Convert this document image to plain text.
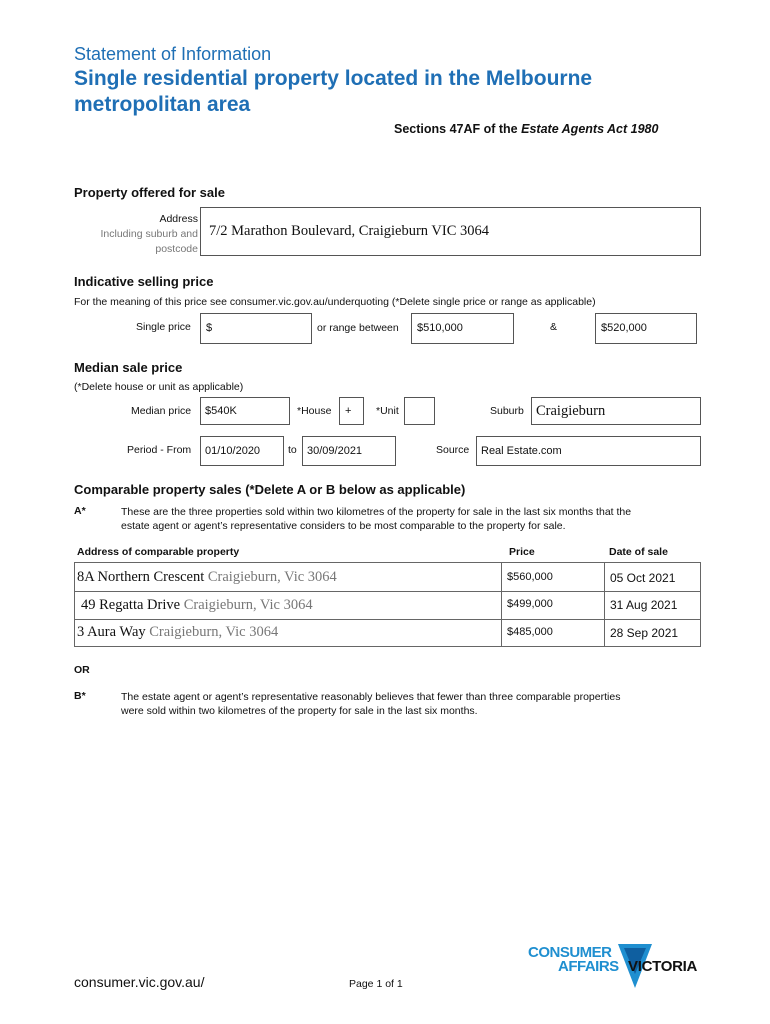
Statement of Information
Single residential property located in the Melbourne metropolitan area
Sections 47AF of the Estate Agents Act 1980
Property offered for sale
Address
Including suburb and
postcode
7/2 Marathon Boulevard, Craigieburn VIC 3064
Indicative selling price
For the meaning of this price see consumer.vic.gov.au/underquoting (*Delete single price or range as applicable)
Single price $	or range between $510,000	&	$520,000
Median sale price
(*Delete house or unit as applicable)
Median price $540K	*House + *Unit	Suburb Craigieburn
Period - From 01/10/2020	to 30/09/2021	Source Real Estate.com
Comparable property sales (*Delete A or B below as applicable)
A*	These are the three properties sold within two kilometres of the property for sale in the last six months that the
estate agent or agent’s representative considers to be most comparable to the property for sale.
Address of comparable property	Price	Date of sale
8A Northern Crescent Craigieburn, Vic 3064	$560,000	05 Oct 2021
49 Regatta Drive Craigieburn, Vic 3064	$499,000	31 Aug 2021
3 Aura Way Craigieburn, Vic 3064	$485,000	28 Sep 2021
OR
B*	The estate agent or agent’s representative reasonably believes that fewer than three comparable properties
were sold within two kilometres of the property for sale in the last six months.
consumer.vic.gov.au/	Page 1 of 1
CONSUMER
AFFAIRS VICTORIA
